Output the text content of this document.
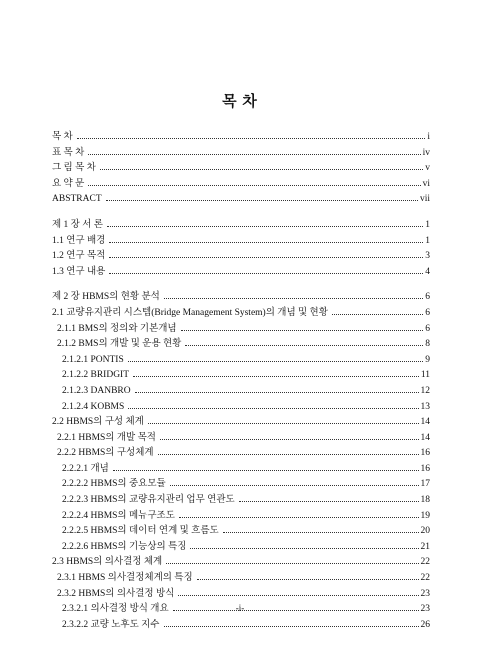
목 차
목 차	i
표 목 차	iv
그 림 목 차	v
요 약 문	vi
ABSTRACT	vii
제 1 장 서 론	1
1.1 연구 배경	1
1.2 연구 목적	3
1.3 연구 내용	4
제 2 장 HBMS의 현황 분석	6
2.1 교량유지관리 시스템(Bridge Management System)의 개념 및 현황	6
2.1.1 BMS의 정의와 기본개념	6
2.1.2 BMS의 개발 및 운용 현황	8
2.1.2.1 PONTIS	9
2.1.2.2 BRIDGIT	11
2.1.2.3 DANBRO	12
2.1.2.4 KOBMS	13
2.2 HBMS의 구성 체계	14
2.2.1 HBMS의 개발 목적	14
2.2.2 HBMS의 구성체계	16
2.2.2.1 개념	16
2.2.2.2 HBMS의 중요모듈	17
2.2.2.3 HBMS의 교량유지관리 업무 연관도	18
2.2.2.4 HBMS의 메뉴구조도	19
2.2.2.5 HBMS의 데이터 연계 및 흐름도	20
2.2.2.6 HBMS의 기능상의 특징	21
2.3 HBMS의 의사결정 체계	22
2.3.1 HBMS 의사결정체계의 특징	22
2.3.2 HBMS의 의사결정 방식	23
2.3.2.1 의사결정 방식 개요	23
2.3.2.2 교량 노후도 지수	26
-i-
